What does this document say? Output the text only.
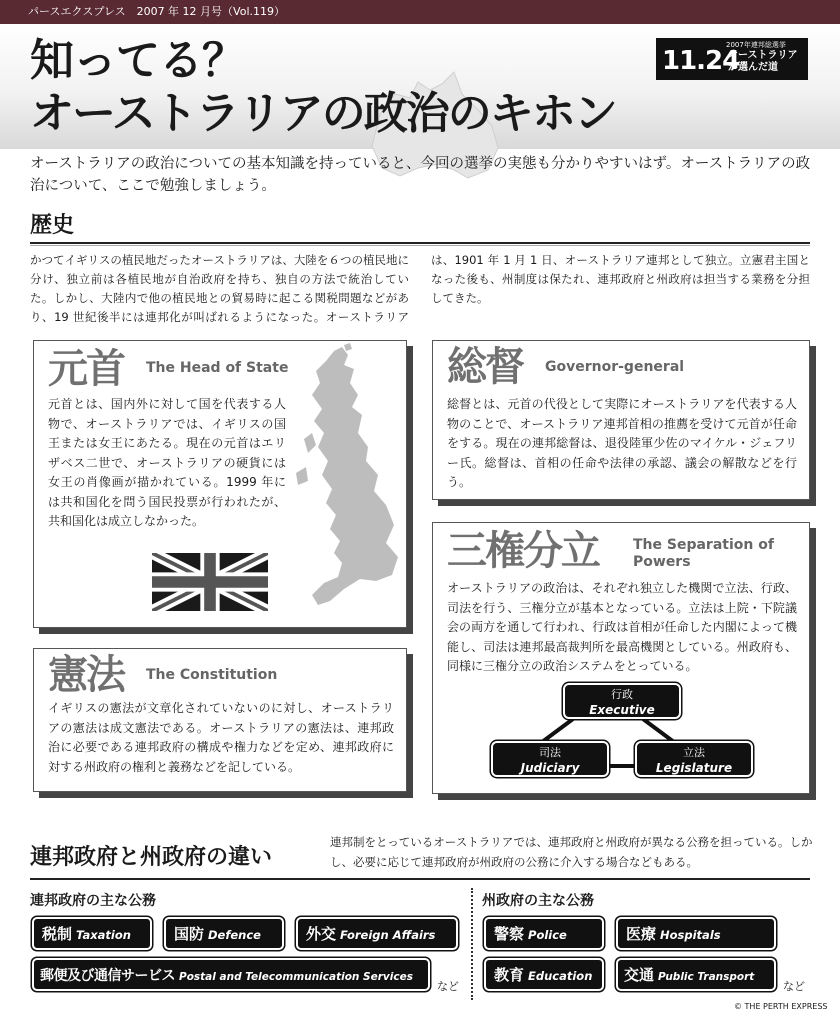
パースエクスプレス　2007 年 12 月号（Vol.119）
知ってる？
オーストラリアの政治のキホン
2007年連邦総選挙
11.24
オーストラリアが選んだ道

オーストラリアの政治についての基本知識を持っていると、今回の選挙の実態も分かりやすいはず。オーストラリアの政治について、ここで勉強しましょう。

歴史

かつてイギリスの植民地だったオーストラリアは、大陸を６つの植民地に分け、独立前は各植民地が自治政府を持ち、独自の方法で統治していた。しかし、大陸内で他の植民地との貿易時に起こる関税問題などがあり、19 世紀後半には連邦化が叫ばれるようになった。オーストラリアは、1901 年 1 月 1 日、オーストラリア連邦として独立。立憲君主国となった後も、州制度は保たれ、連邦政府と州政府は担当する業務を分担してきた。

元首 The Head of State

元首とは、国内外に対して国を代表する人物で、オーストラリアでは、イギリスの国王または女王にあたる。現在の元首はエリザベス二世で、オーストラリアの硬貨には女王の肖像画が描かれている。1999 年には共和国化を問う国民投票が行われたが、共和国化は成立しなかった。

憲法 The Constitution

イギリスの憲法が文章化されていないのに対し、オーストラリアの憲法は成文憲法である。オーストラリアの憲法は、連邦政治に必要である連邦政府の構成や権力などを定め、連邦政府に対する州政府の権利と義務などを記している。

総督 Governor-general

総督とは、元首の代役として実際にオーストラリアを代表する人物のことで、オーストラリア連邦首相の推薦を受けて元首が任命をする。現在の連邦総督は、退役陸軍少佐のマイケル・ジェフリー氏。総督は、首相の任命や法律の承認、議会の解散などを行う。

三権分立 The Separation of Powers

オーストラリアの政治は、それぞれ独立した機関で立法、行政、司法を行う、三権分立が基本となっている。立法は上院・下院議会の両方を通して行われ、行政は首相が任命した内閣によって機能し、司法は連邦最高裁判所を最高機関としている。州政府も、同様に三権分立の政治システムをとっている。

行政
Executive
司法
Judiciary
立法
Legislature
連邦政府と州政府の違い

連邦制をとっているオーストラリアでは、連邦政府と州政府が異なる公務を担っている。しかし、必要に応じて連邦政府が州政府の公務に介入する場合などもある。

連邦政府の主な公務	州政府の主な公務
税制 Taxation	国防 Defence	外交 Foreign Affairs
郵便及び通信サービス Postal and Telecommunication Services
など
警察 Police	医療 Hospitals
教育 Education	交通 Public Transport
など
© THE PERTH EXPRESS
